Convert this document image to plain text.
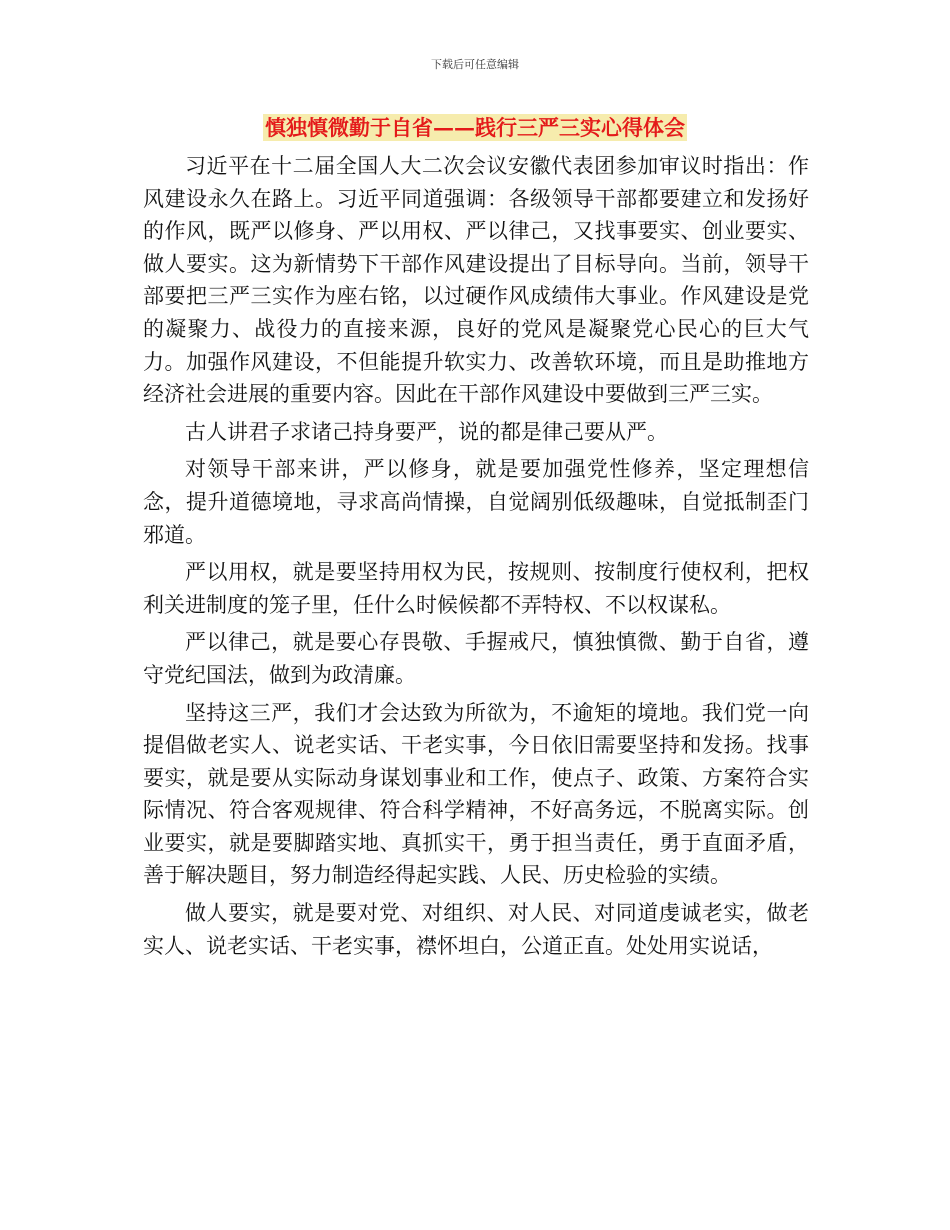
下载后可任意编辑
慎独慎微勤于自省——践行三严三实心得体会

习近平在十二届全国人大二次会议安徽代表团参加审议时指出：作风建设永久在路上。习近平同道强调：各级领导干部都要建立和发扬好的作风，既严以修身、严以用权、严以律己，又找事要实、创业要实、做人要实。这为新情势下干部作风建设提出了目标导向。当前，领导干部要把三严三实作为座右铭，以过硬作风成绩伟大事业。作风建设是党的凝聚力、战役力的直接来源，良好的党风是凝聚党心民心的巨大气力。加强作风建设，不但能提升软实力、改善软环境，而且是助推地方经济社会进展的重要内容。因此在干部作风建设中要做到三严三实。

古人讲君子求诸己持身要严，说的都是律己要从严。

对领导干部来讲，严以修身，就是要加强党性修养，坚定理想信念，提升道德境地，寻求高尚情操，自觉阔别低级趣味，自觉抵制歪门邪道。

严以用权，就是要坚持用权为民，按规则、按制度行使权利，把权利关进制度的笼子里，任什么时候候都不弄特权、不以权谋私。

严以律己，就是要心存畏敬、手握戒尺，慎独慎微、勤于自省，遵守党纪国法，做到为政清廉。

坚持这三严，我们才会达致为所欲为，不逾矩的境地。我们党一向提倡做老实人、说老实话、干老实事，今日依旧需要坚持和发扬。找事要实，就是要从实际动身谋划事业和工作，使点子、政策、方案符合实际情况、符合客观规律、符合科学精神，不好高务远，不脱离实际。创业要实，就是要脚踏实地、真抓实干，勇于担当责任，勇于直面矛盾，善于解决题目，努力制造经得起实践、人民、历史检验的实绩。

做人要实，就是要对党、对组织、对人民、对同道虔诚老实，做老实人、说老实话、干老实事，襟怀坦白，公道正直。处处用实说话，
